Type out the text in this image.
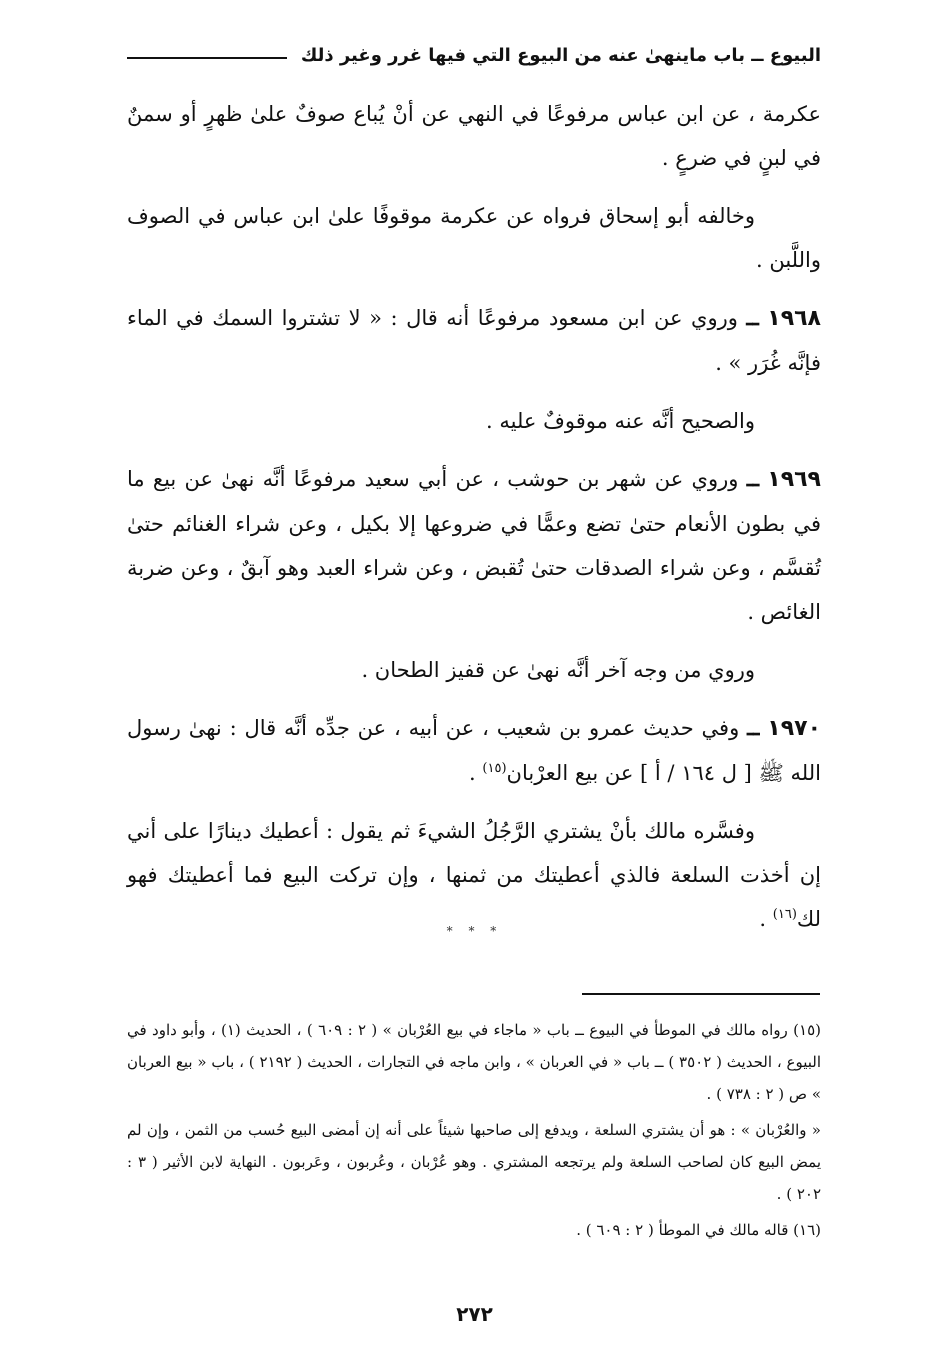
البيوع ــ باب ماينهىٰ عنه من البيوع التي فيها غرر وغير ذلك

عكرمة ، عن ابن عباس مرفوعًا في النهي عن أنْ يُباع صوفٌ علىٰ ظهرٍ أو سمنٌ في لبنٍ في ضرعٍ .

وخالفه أبو إسحاق فرواه عن عكرمة موقوفًا علىٰ ابن عباس في الصوف واللَّبن .

١٩٦٨ ــ وروي عن ابن مسعود مرفوعًا أنه قال : « لا تشتروا السمك في الماء فإنَّه غُرَر » .

والصحيح أنَّه عنه موقوفٌ عليه .

١٩٦٩ ــ وروي عن شهر بن حوشب ، عن أبي سعيد مرفوعًا أنَّه نهىٰ عن بيع ما في بطون الأنعام حتىٰ تضع وعمًّا في ضروعها إلا بكيل ، وعن شراء الغنائم حتىٰ تُقسَّم ، وعن شراء الصدقات حتىٰ تُقبض ، وعن شراء العبد وهو آبقٌ ، وعن ضربة الغائص .

وروي من وجه آخر أنَّه نهىٰ عن قفيز الطحان .

١٩٧٠ ــ وفي حديث عمرو بن شعيب ، عن أبيه ، عن جدِّه أنَّه قال : نهىٰ رسول الله ﷺ [ ل ١٦٤ / أ ] عن بيع العرْبان$^{(١٥)}$ .

وفسَّره مالك بأنْ يشتري الرَّجُلُ الشيءَ ثم يقول : أعطيك دينارًا على أني إن أخذت السلعة فالذي أعطيتك من ثمنها ، وإن تركت البيع فما أعطيتك فهو لك$^{(١٦)}$ .

* * *

(١٥) رواه مالك في الموطأ في البيوع ــ باب « ماجاء في بيع العُرْبان » ( ٢ : ٦٠٩ ) ، الحديث (١) ، وأبو داود في البيوع ، الحديث ( ٣٥٠٢ ) ــ باب « في العربان » ، وابن ماجه في التجارات ، الحديث ( ٢١٩٢ ) ، باب « بيع العربان » ص ( ٢ : ٧٣٨ ) .

« والعُرْبان » : هو أن يشتري السلعة ، ويدفع إلى صاحبها شيئاً على أنه إن أمضى البيع حُسب من الثمن ، وإن لم يمض البيع كان لصاحب السلعة ولم يرتجعه المشتري . وهو عُرْبان ، وعُربون ، وعَربون . النهاية لابن الأثير ( ٣ : ٢٠٢ ) .

(١٦) قاله مالك في الموطأ ( ٢ : ٦٠٩ ) .

٢٧٢
